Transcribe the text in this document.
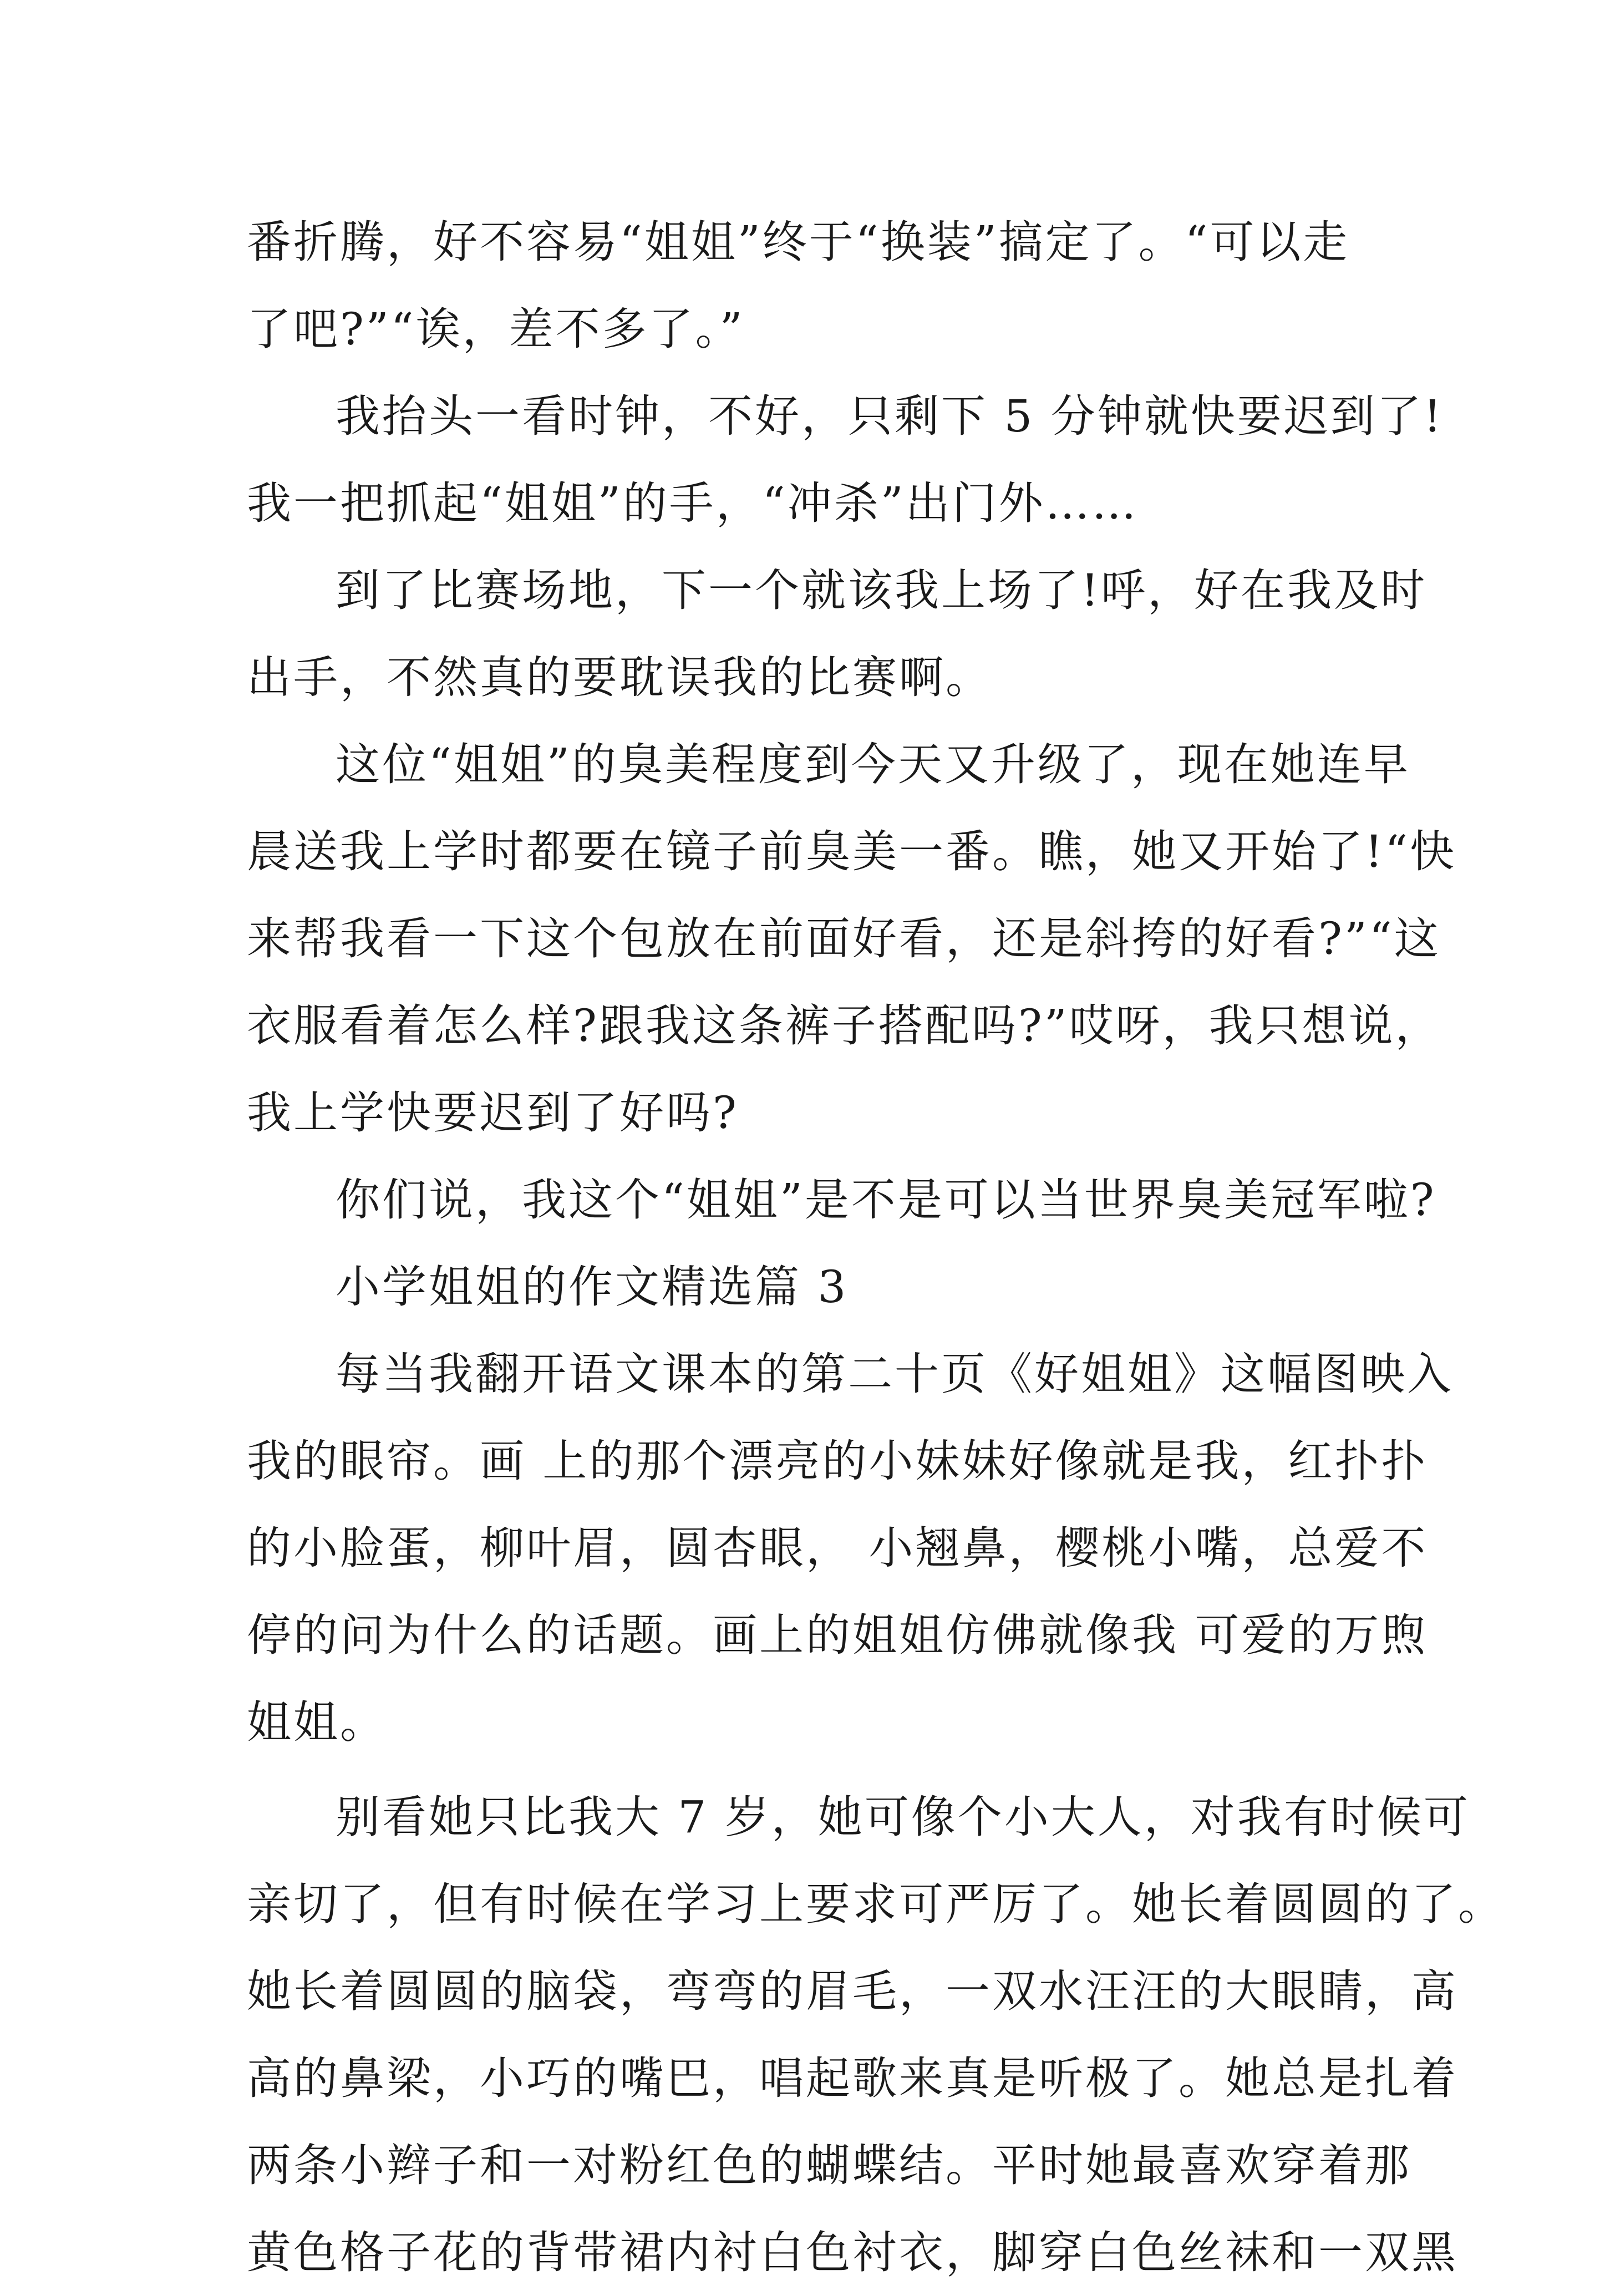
番折腾，好不容易“姐姐”终于“换装”搞定了。“可以走
了吧?”“诶，差不多了。”
我抬头一看时钟，不好，只剩下 5 分钟就快要迟到了!
我一把抓起“姐姐”的手，“冲杀”出门外……
到了比赛场地，下一个就该我上场了!呼，好在我及时
出手，不然真的要耽误我的比赛啊。
这位“姐姐”的臭美程度到今天又升级了，现在她连早
晨送我上学时都要在镜子前臭美一番。瞧，她又开始了!“快
来帮我看一下这个包放在前面好看，还是斜挎的好看?”“这
衣服看着怎么样?跟我这条裤子搭配吗?”哎呀，我只想说，
我上学快要迟到了好吗?
你们说，我这个“姐姐”是不是可以当世界臭美冠军啦?
小学姐姐的作文精选篇 3
每当我翻开语文课本的第二十页《好姐姐》这幅图映入
我的眼帘。画 上的那个漂亮的小妹妹好像就是我，红扑扑
的小脸蛋，柳叶眉，圆杏眼， 小翘鼻，樱桃小嘴，总爱不
停的问为什么的话题。画上的姐姐仿佛就像我 可爱的万煦
姐姐。
别看她只比我大 7 岁，她可像个小大人，对我有时候可
亲切了，但有时候在学习上要求可严厉了。她长着圆圆的了。
她长着圆圆的脑袋，弯弯的眉毛，一双水汪汪的大眼睛，高
高的鼻梁，小巧的嘴巴，唱起歌来真是听极了。她总是扎着
两条小辫子和一对粉红色的蝴蝶结。平时她最喜欢穿着那
黄色格子花的背带裙内衬白色衬衣，脚穿白色丝袜和一双黑
